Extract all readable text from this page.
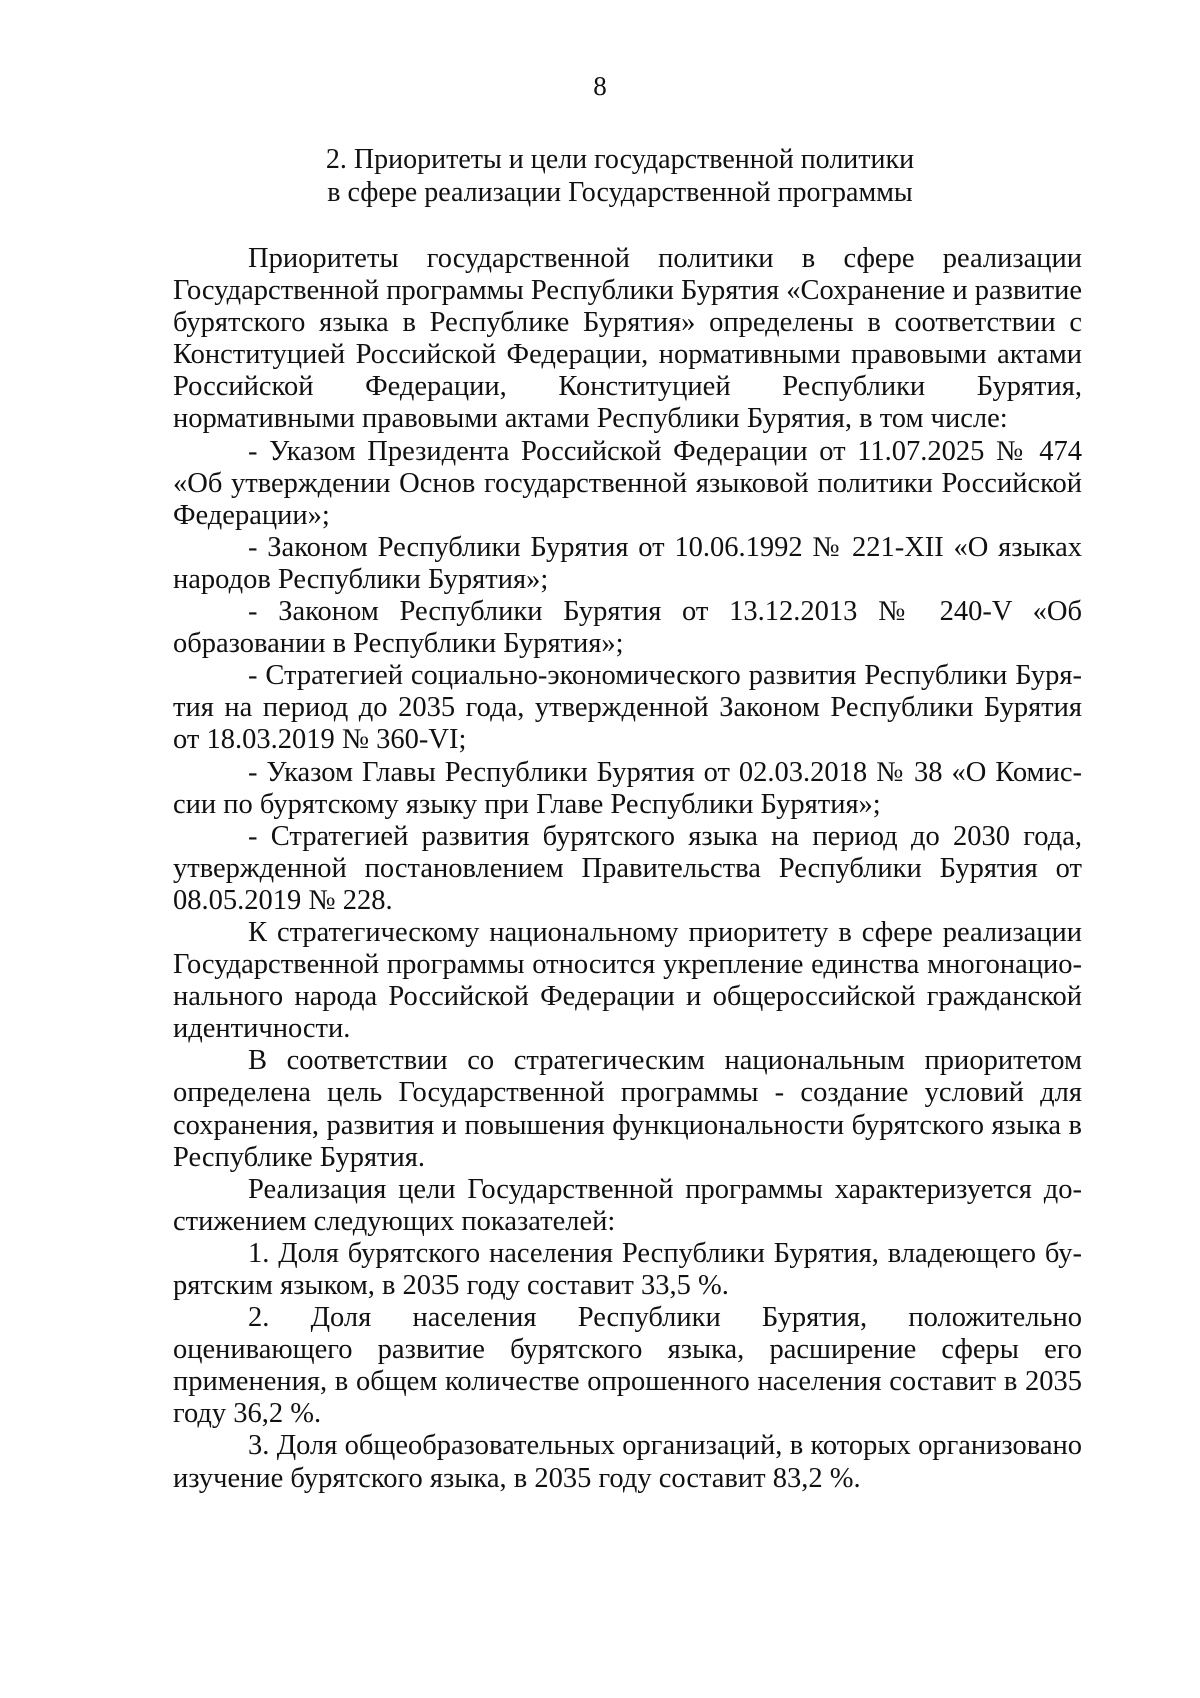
8
2. Приоритеты и цели государственной политики
в сфере реализации Государственной программы

Приоритеты государственной политики в сфере реализации Государственной программы Республики Бурятия «Сохранение и развитие бурятского языка в Республике Бурятия» определены в соответствии с Конституцией Российской Федерации, нормативными правовыми актами Российской Федерации, Конституцией Республики Бурятия, нормативными правовыми актами Республики Бурятия, в том числе:

- Указом Президента Российской Федерации от 11.07.2025 № 474 «Об утверждении Основ государственной языковой политики Российской Федерации»;

- Законом Республики Бурятия от 10.06.1992 № 221-XII «О языках народов Республики Бурятия»;

- Законом Республики Бурятия от 13.12.2013 № 240-V «Об образовании в Республики Бурятия»;

- Стратегией социально-экономического развития Республики Бурятия на период до 2035 года, утвержденной Законом Республики Бурятия от 18.03.2019 № 360-VI;

- Указом Главы Республики Бурятия от 02.03.2018 № 38 «О Комиссии по бурятскому языку при Главе Республики Бурятия»;

- Стратегией развития бурятского языка на период до 2030 года, утвержденной постановлением Правительства Республики Бурятия от 08.05.2019 № 228.

К стратегическому национальному приоритету в сфере реализации Государственной программы относится укрепление единства многонационального народа Российской Федерации и общероссийской гражданской идентичности.

В соответствии со стратегическим национальным приоритетом определена цель Государственной программы - создание условий для сохранения, развития и повышения функциональности бурятского языка в Республике Бурятия.

Реализация цели Государственной программы характеризуется достижением следующих показателей:

1. Доля бурятского населения Республики Бурятия, владеющего бурятским языком, в 2035 году составит 33,5 %.

2. Доля населения Республики Бурятия, положительно оценивающего развитие бурятского языка, расширение сферы его применения, в общем количестве опрошенного населения составит в 2035 году 36,2 %.

3. Доля общеобразовательных организаций, в которых организовано изучение бурятского языка, в 2035 году составит 83,2 %.
